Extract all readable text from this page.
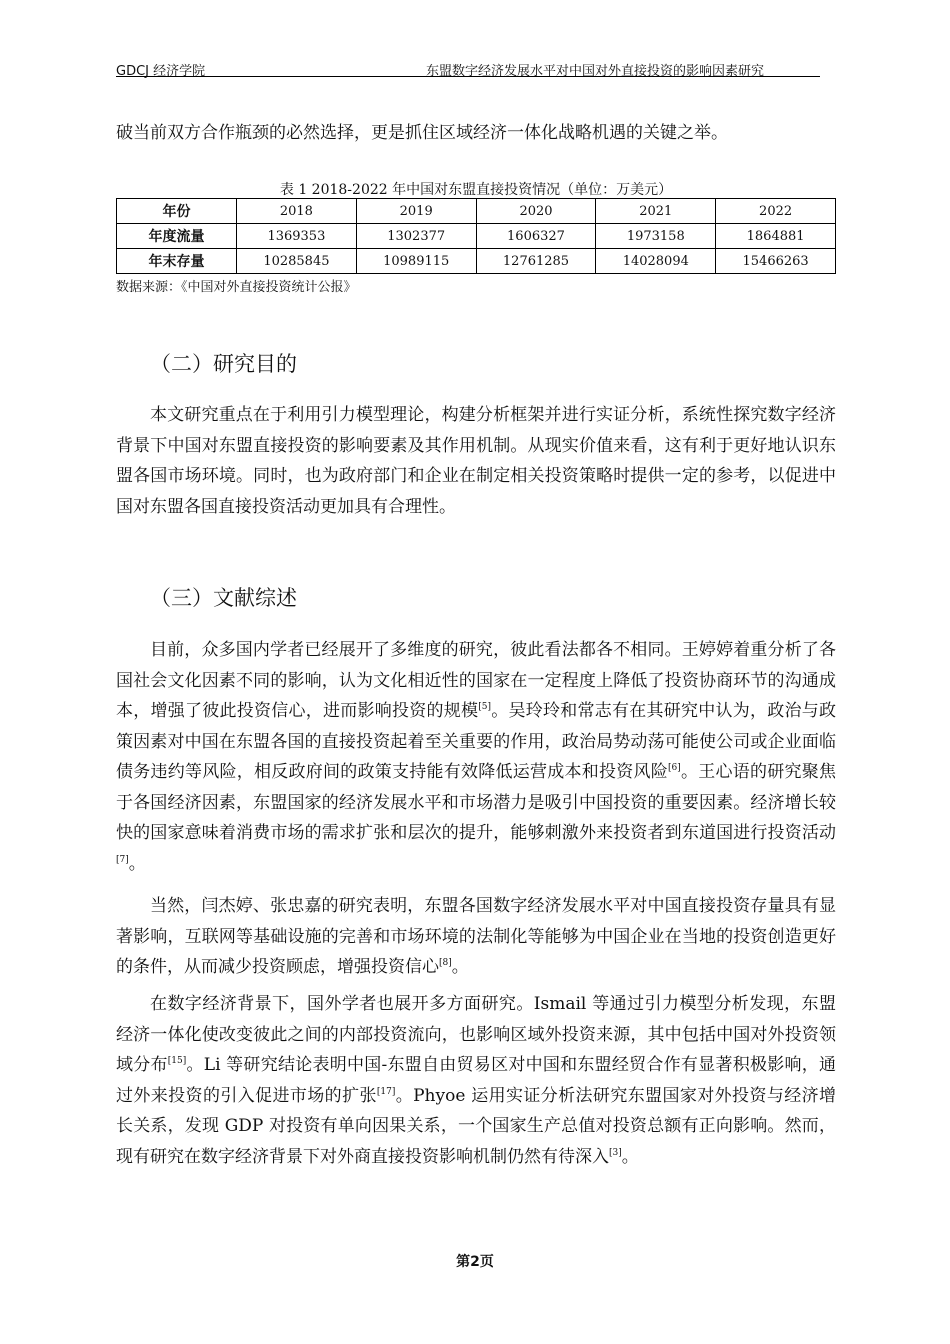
GDCJ 经济学院	东盟数字经济发展水平对中国对外直接投资的影响因素研究

破当前双方合作瓶颈的必然选择，更是抓住区域经济一体化战略机遇的关键之举。

表 1 2018-2022 年中国对东盟直接投资情况（单位：万美元）
年份	2018	2019	2020	2021	2022
年度流量	1369353	1302377	1606327	1973158	1864881
年末存量	10285845	10989115	12761285	14028094	15466263
数据来源：《中国对外直接投资统计公报》
（二）研究目的

本文研究重点在于利用引力模型理论，构建分析框架并进行实证分析，系统性探究数字经济背景下中国对东盟直接投资的影响要素及其作用机制。从现实价值来看，这有利于更好地认识东盟各国市场环境。同时，也为政府部门和企业在制定相关投资策略时提供一定的参考，以促进中国对东盟各国直接投资活动更加具有合理性。

（三）文献综述

目前，众多国内学者已经展开了多维度的研究，彼此看法都各不相同。王婷婷着重分析了各国社会文化因素不同的影响，认为文化相近性的国家在一定程度上降低了投资协商环节的沟通成本，增强了彼此投资信心，进而影响投资的规模[5]。吴玲玲和常志有在其研究中认为，政治与政策因素对中国在东盟各国的直接投资起着至关重要的作用，政治局势动荡可能使公司或企业面临债务违约等风险，相反政府间的政策支持能有效降低运营成本和投资风险[6]。王心语的研究聚焦于各国经济因素，东盟国家的经济发展水平和市场潜力是吸引中国投资的重要因素。经济增长较快的国家意味着消费市场的需求扩张和层次的提升，能够刺激外来投资者到东道国进行投资活动[7]。

当然，闫杰婷、张忠嘉的研究表明，东盟各国数字经济发展水平对中国直接投资存量具有显著影响，互联网等基础设施的完善和市场环境的法制化等能够为中国企业在当地的投资创造更好的条件，从而减少投资顾虑，增强投资信心[8]。

在数字经济背景下，国外学者也展开多方面研究。Ismail 等通过引力模型分析发现，东盟经济一体化使改变彼此之间的内部投资流向，也影响区域外投资来源，其中包括中国对外投资领域分布[15]。Li 等研究结论表明中国-东盟自由贸易区对中国和东盟经贸合作有显著积极影响，通过外来投资的引入促进市场的扩张[17]。Phyoe 运用实证分析法研究东盟国家对外投资与经济增长关系，发现 GDP 对投资有单向因果关系，一个国家生产总值对投资总额有正向影响。然而，现有研究在数字经济背景下对外商直接投资影响机制仍然有待深入[3]。

第2页
